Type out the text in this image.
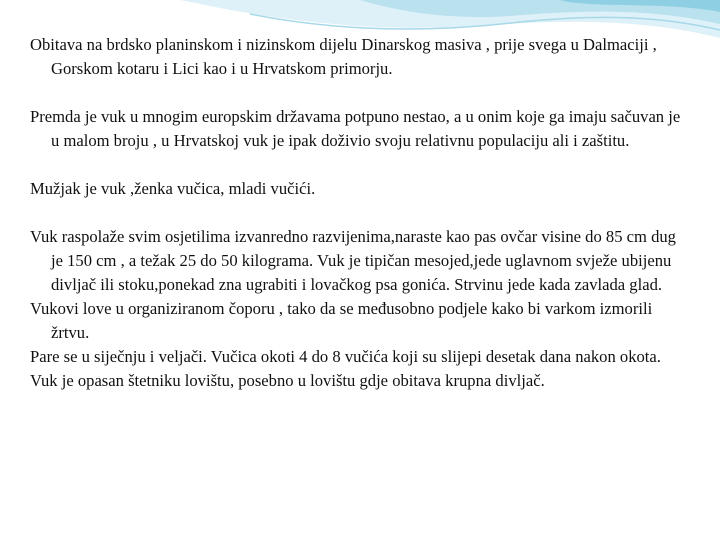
Obitava na brdsko planinskom i nizinskom dijelu Dinarskog masiva , prije svega u Dalmaciji , Gorskom kotaru i Lici kao i u Hrvatskom primorju.

Premda je vuk u mnogim europskim državama potpuno nestao, a u onim koje ga imaju sačuvan je u malom broju , u Hrvatskoj vuk je ipak doživio svoju relativnu populaciju ali i zaštitu.

Mužjak je vuk ,ženka vučica, mladi vučići.

Vuk raspolaže svim osjetilima izvanredno razvijenima,naraste kao pas ovčar visine do 85 cm dug je 150 cm , a težak 25 do 50 kilograma. Vuk je tipičan mesojed,jede uglavnom svježe ubijenu divljač ili stoku,ponekad zna ugrabiti i lovačkog psa gonića. Strvinu jede kada zavlada glad.

Vukovi love u organiziranom čoporu , tako da se međusobno podjele kako bi varkom izmorili žrtvu.

Pare se u siječnju i veljači. Vučica okoti 4 do 8 vučića koji su slijepi desetak dana nakon okota.

Vuk je opasan štetniku lovištu, posebno u lovištu gdje obitava krupna divljač.
